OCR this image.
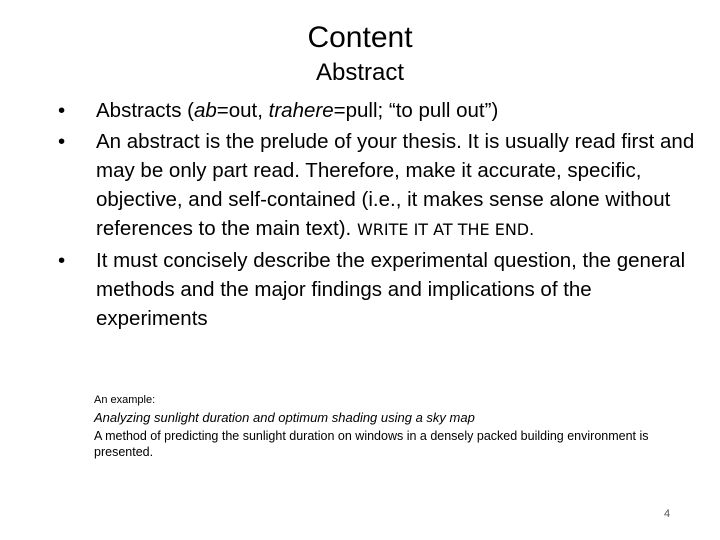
Content
Abstract
• Abstracts (ab=out, trahere=pull; “to pull out”)
• An abstract is the prelude of your thesis. It is usually read first and may be only part read. Therefore, make it accurate, specific, objective, and self-contained (i.e., it makes sense alone without references to the main text). WRITE IT AT THE END.
• It must concisely describe the experimental question, the general methods and the major findings and implications of the experiments
An example:
Analyzing sunlight duration and optimum shading using a sky map
A method of predicting the sunlight duration on windows in a densely packed building environment is presented.
4
